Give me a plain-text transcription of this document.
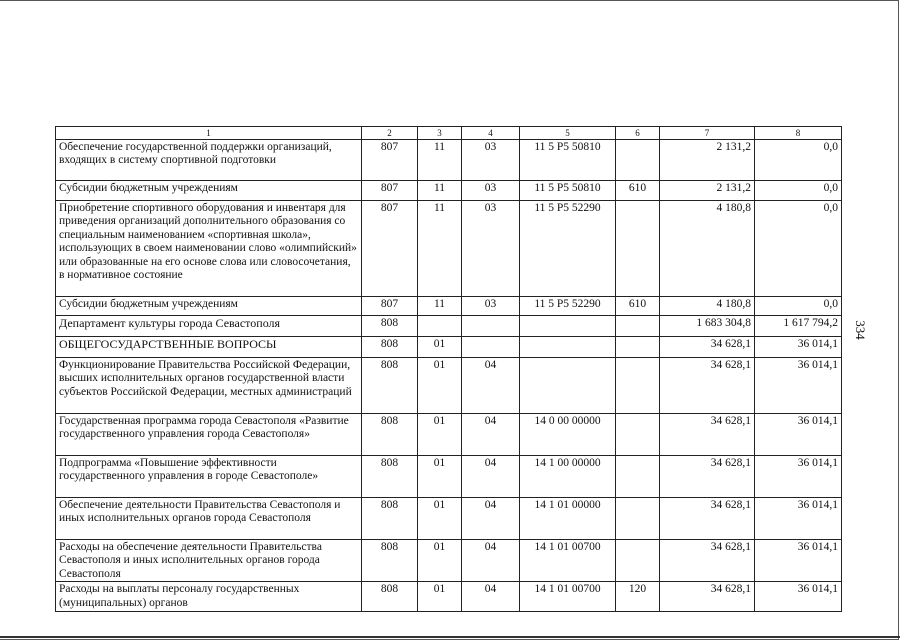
334
1	2	3	4	5	6	7	8
Обеспечение государственной поддержки организаций, входящих в систему спортивной подготовки	807	11	03	11 5 P5 50810		2 131,2	0,0
Субсидии бюджетным учреждениям	807	11	03	11 5 P5 50810	610	2 131,2	0,0
Приобретение спортивного оборудования и инвентаря для приведения организаций дополнительного образования со специальным наименованием «спортивная школа», использующих в своем наименовании слово «олимпийский» или образованные на его основе слова или словосочетания, в нормативное состояние	807	11	03	11 5 P5 52290		4 180,8	0,0
Субсидии бюджетным учреждениям	807	11	03	11 5 P5 52290	610	4 180,8	0,0
Департамент культуры города Севастополя	808					1 683 304,8	1 617 794,2
ОБЩЕГОСУДАРСТВЕННЫЕ ВОПРОСЫ	808	01				34 628,1	36 014,1
Функционирование Правительства Российской Федерации, высших исполнительных органов государственной власти субъектов Российской Федерации, местных администраций	808	01	04			34 628,1	36 014,1
Государственная программа города Севастополя «Развитие государственного управления города Севастополя»	808	01	04	14 0 00 00000		34 628,1	36 014,1
Подпрограмма «Повышение эффективности государственного управления в городе Севастополе»	808	01	04	14 1 00 00000		34 628,1	36 014,1
Обеспечение деятельности Правительства Севастополя и иных исполнительных органов города Севастополя	808	01	04	14 1 01 00000		34 628,1	36 014,1
Расходы на обеспечение деятельности Правительства Севастополя и иных исполнительных органов города Севастополя	808	01	04	14 1 01 00700		34 628,1	36 014,1
Расходы на выплаты персоналу государственных (муниципальных) органов	808	01	04	14 1 01 00700	120	34 628,1	36 014,1
